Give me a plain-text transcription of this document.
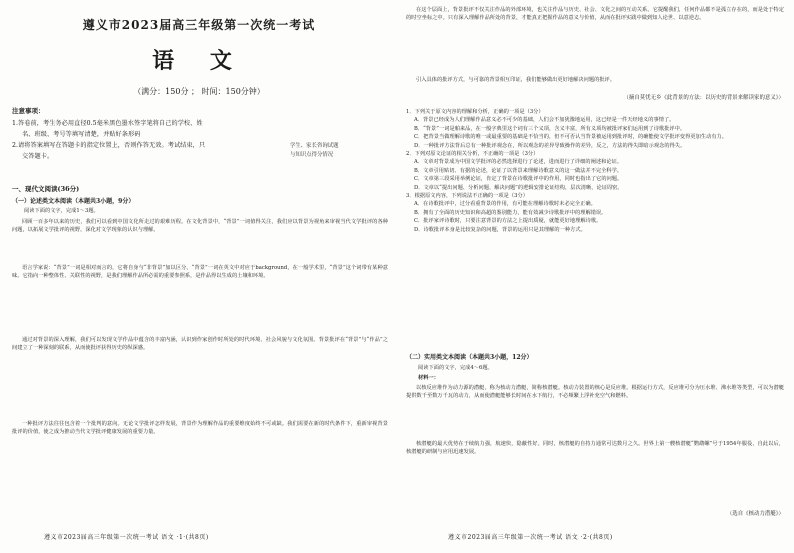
遵义市2023届高三年级第一次统一考试
语 文
（满分：150分 ； 时间：150分钟）
注意事项：
1.答卷前，考生务必用直径0.5毫米黑色墨水签字笔将自己的学校、姓
名、班级、考号等填写清楚，并贴好条形码
2.请将答案填写在答题卡的指定位置上，否则作答无效。考试结束，只
交答题卡。
学生、家长咨询试题
与知识点得分情况
一、现代文阅读(36分)
（一）论述类文本阅读（本题共3小题，9分）
阅读下面的文字，完成1～3题。
回顾一百多年以来的历史，我们可以看到中国文化所走过的艰难历程。在文化背景中，“背景”一词值得关注，我们应以背景为视角来审视当代文学批评的各种问题，以拓展文学批评的视野，深化对文学现象的认识与理解。
语言学家说：“背景”一词是相对而言的，它将自身与“非背景”加以区分。“背景”一词在英文中对应于background，在一般学术里，“背景”这个词带有某种意味。它指向一种整体性、关联性的视野，是我们理解作品所必需的重要参照系，是作品得以生成的土壤和环境。
通过对背景的深入理解，我们可以发现文学作品中蕴含的丰富内涵，认识到作家创作时所处的时代环境、社会风貌与文化氛围。背景批评在“背景”与“作品”之间建立了一种深刻的联系，从而使批评获得历史的纵深感。
一种批评方法往往包含着一个批判的意向。无论文学批评怎样发展，背景作为理解作品的重要维度始终不可或缺。我们需要在新的时代条件下，重新审视背景批评的价值，使之成为推动当代文学批评健康发展的重要力量。
遵义市2023届高三年级第一次统一考试 语文 ·1·(共8页)
在这个层面上，背景批评不仅关注作品的外部环境，也关注作品与历史、社会、文化之间的互动关系。它提醒我们，任何作品都不是孤立存在的，而是处于特定的时空坐标之中。只有深入理解作品所处的背景，才能真正把握作品的意义与价值，从而在批评实践中做到知人论世、以意逆志。
引入具体的批评方式，与可靠的背景相互印证，我们能够做出更好地解决问题的批评。
（摘自莫忧无乡《此背景的方法：以历史的背景来解读家的意义》）
1．下列关于原文内容的理解和分析，正确的一项是（3分）
A．背景已经成为人们理解作品意义必不可少的基础，人们会不加犹豫地运用，这已经是一件天经地义的事情了。
B．“背景”一词是舶来品，在一般字典里这个词有三个义项，含义丰富，所有义项均被批评家们运用到了诗歌批评中。
C．把背景当做理解诗歌的唯一或最重要的基础是不恰当的，但不可否认当背景被运用到批评时，的确能使文学批评变得更加生动有力。
D．一种批评方法背后总有一种批评观念在，所以观念的差异导致操作的差异，反之，方法的得失即暗示观念的得失。
2．下列对原文论证的相关分析，不正确的一项是（3分）
A．文章对背景成为中国文学批评的必然选择进行了论述，进而进行了详细的阐述和论证。
B．文章引用贴切、有据的论述，论证了以背景来理解诗歌意义的这一做法并不完全科学。
C．文章第三段采用举例论证，肯定了背景在诗歌批评中的作用，同时也指出了它的问题。
D．文章以“提出问题、分析问题、解决问题”的逻辑安排论证结构，层次清晰，论证周密。
3．根据原文内容，下列说法不正确的一项是（3分）
A．在诗歌批评中，过分看重背景的作用，有可能在理解诗歌时未必完全正确。
B．拥有了全面的历史知识和高超的鉴别能力，能有效减少诗歌批评中的理解错误。
C．批评家评诗歌时，只要注意背景的方法之上提出质疑，就能更好地理解诗歌。
D．诗歌批评本身是比较复杂的问题，背景的运用只是其理解的一种方式。
（二）实用类文本阅读（本题共3小题，12分）
阅读下面的文字，完成4～6题。
材料一：
以核反应堆作为动力源的潜艇，称为核动力潜艇，简称核潜艇。核动力装置的核心是反应堆。根据运行方式，反应堆可分为压水堆、沸水堆等类型，可以为潜艇提供数千至数万千瓦的动力，从而使潜艇能够长时间在水下航行，不必频繁上浮补充空气和燃料。
核潜艇的最大优势在于续航力强，航速快，隐蔽性好。同时，核潜艇的自持力通常可达数月之久。世界上第一艘核潜艇“鹦鹉螺”号于1954年服役，自此以后，核潜艇的研制与应用迅速发展。
（选自《核动力潜艇》）
遵义市2023届高三年级第一次统一考试 语文 ·2·(共8页)
